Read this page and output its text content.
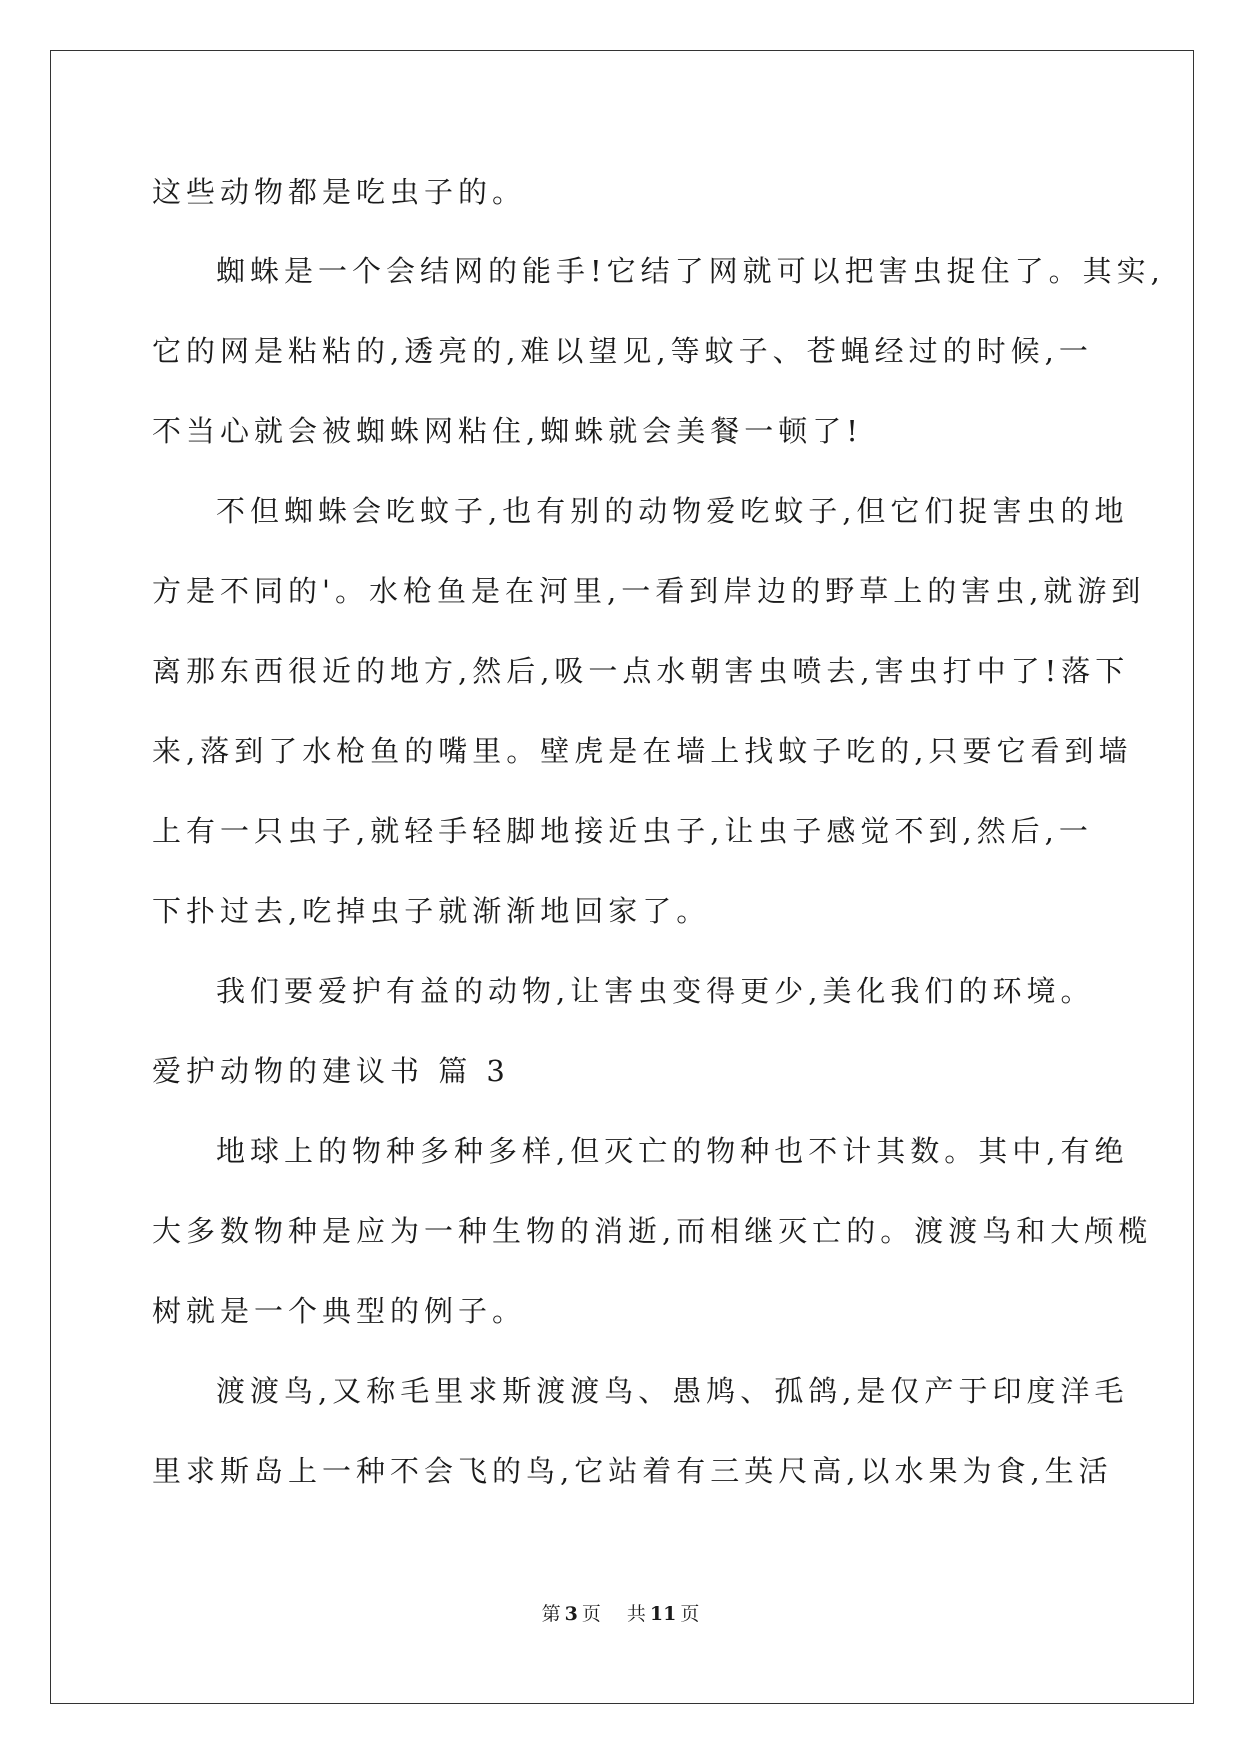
这些动物都是吃虫子的。
蜘蛛是一个会结网的能手!它结了网就可以把害虫捉住了。其实,
它的网是粘粘的,透亮的,难以望见,等蚊子、苍蝇经过的时候,一
不当心就会被蜘蛛网粘住,蜘蛛就会美餐一顿了!
不但蜘蛛会吃蚊子,也有别的动物爱吃蚊子,但它们捉害虫的地
方是不同的'。水枪鱼是在河里,一看到岸边的野草上的害虫,就游到
离那东西很近的地方,然后,吸一点水朝害虫喷去,害虫打中了!落下
来,落到了水枪鱼的嘴里。壁虎是在墙上找蚊子吃的,只要它看到墙
上有一只虫子,就轻手轻脚地接近虫子,让虫子感觉不到,然后,一
下扑过去,吃掉虫子就渐渐地回家了。
我们要爱护有益的动物,让害虫变得更少,美化我们的环境。
爱护动物的建议书 篇 3
地球上的物种多种多样,但灭亡的物种也不计其数。其中,有绝
大多数物种是应为一种生物的消逝,而相继灭亡的。渡渡鸟和大颅榄
树就是一个典型的例子。
渡渡鸟,又称毛里求斯渡渡鸟、愚鸠、孤鸽,是仅产于印度洋毛
里求斯岛上一种不会飞的鸟,它站着有三英尺高,以水果为食,生活
第 3 页 共 11 页
